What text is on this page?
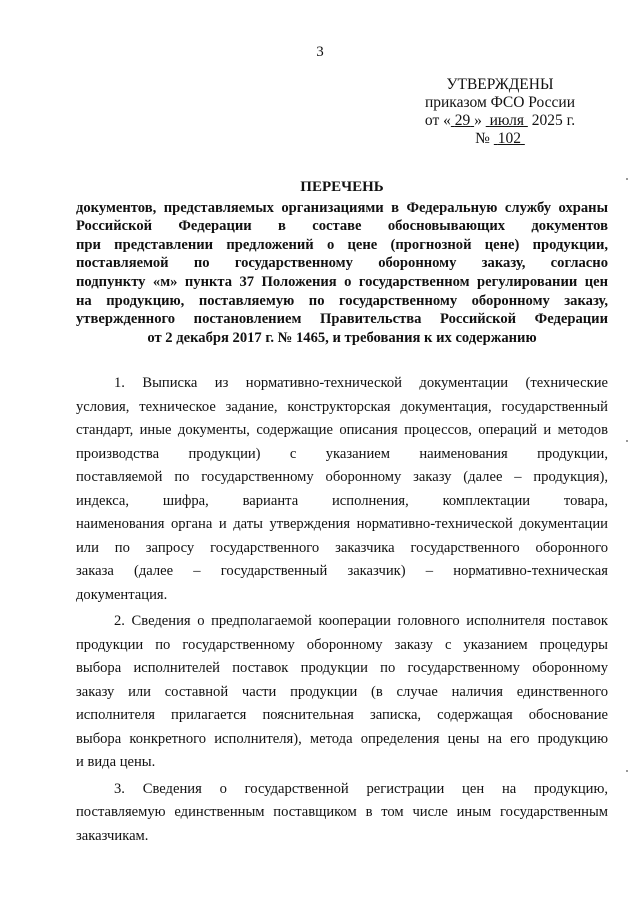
3
УТВЕРЖДЕНЫ
приказом ФСО России
от « 29 » июля 2025 г.
№ 102
ПЕРЕЧЕНЬ
документов, представляемых организациями в Федеральную службу охраны
Российской Федерации в составе обосновывающих документов
при представлении предложений о цене (прогнозной цене) продукции,
поставляемой по государственному оборонному заказу, согласно
подпункту «м» пункта 37 Положения о государственном регулировании цен
на продукцию, поставляемую по государственному оборонному заказу,
утвержденного постановлением Правительства Российской Федерации
от 2 декабря 2017 г. № 1465, и требования к их содержанию
1. Выписка из нормативно-технической документации (технические
условия, техническое задание, конструкторская документация, государственный
стандарт, иные документы, содержащие описания процессов, операций и методов
производства продукции) с указанием наименования продукции,
поставляемой по государственному оборонному заказу (далее – продукция),
индекса, шифра, варианта исполнения, комплектации товара,
наименования органа и даты утверждения нормативно-технической документации
или по запросу государственного заказчика государственного оборонного
заказа (далее – государственный заказчик) – нормативно-техническая
документация.
2. Сведения о предполагаемой кооперации головного исполнителя поставок
продукции по государственному оборонному заказу с указанием процедуры
выбора исполнителей поставок продукции по государственному оборонному
заказу или составной части продукции (в случае наличия единственного
исполнителя прилагается пояснительная записка, содержащая обоснование
выбора конкретного исполнителя), метода определения цены на его продукцию
и вида цены.
3. Сведения о государственной регистрации цен на продукцию,
поставляемую единственным поставщиком в том числе иным государственным
заказчикам.
